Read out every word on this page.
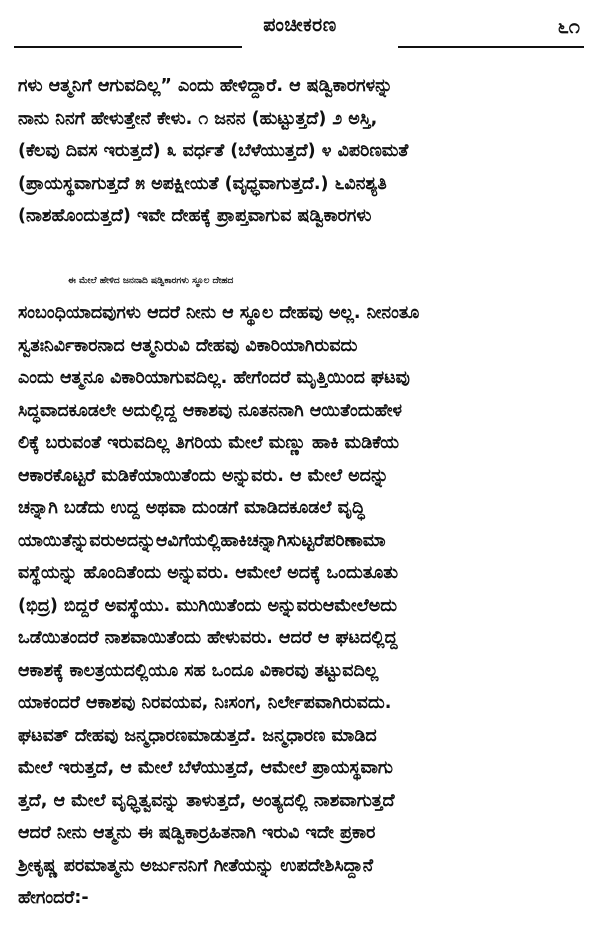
ಪಂಚೀಕರಣ	೬೧

ಗಳು ಆತ್ಮನಿಗೆ ಆಗುವದಿಲ್ಲ” ಎಂದು ಹೇಳಿದ್ದಾರೆ. ಆ ಷಡ್ವಿಕಾರಗಳನ್ನು

ನಾನು ನಿನಗೆ ಹೇಳುತ್ತೇನೆ ಕೇಳು. ೧ ಜನನ (ಹುಟ್ಟುತ್ತದೆ) ೨ ಅಸ್ತಿ,

(ಕೆಲವು ದಿವಸ ಇರುತ್ತದೆ) ೩ ವರ್ಧತೆ (ಬೆಳೆಯುತ್ತದೆ) ೪ ವಿಪರಿಣಮತೆ

(ಪ್ರಾಯಸ್ಥವಾಗುತ್ತದೆ ೫ ಅಪಕ್ಷೀಯತೆ (ವೃಧ್ಧವಾಗುತ್ತದೆ.) ೬ವಿನಶ್ಯತಿ

(ನಾಶಹೊಂದುತ್ತದೆ) ಇವೇ ದೇಹಕ್ಕೆ ಪ್ರಾಪ್ತವಾಗುವ ಷಡ್ವಿಕಾರಗಳು

ಈ ಮೇಲೆ ಹೇಳಿದ ಜನನಾದಿ ಷಡ್ವಿಕಾರಗಳು ಸ್ಥೂಲ ದೇಹದ

ಸಂಬಂಧಿಯಾದವುಗಳು ಆದರೆ ನೀನು ಆ ಸ್ಥೂಲ ದೇಹವು ಅಲ್ಲ. ನೀನಂತೂ

ಸ್ವತಃನಿರ್ವಿಕಾರನಾದ ಆತ್ಮನಿರುವಿ ದೇಹವು ವಿಕಾರಿಯಾಗಿರುವದು

ಎಂದು ಆತ್ಮನೂ ವಿಕಾರಿಯಾಗುವದಿಲ್ಲ. ಹೇಗೆಂದರೆ ಮೃತ್ತಿಯಿಂದ ಘಟವು

ಸಿದ್ಧವಾದಕೂಡಲೇ ಅದುಲ್ಲಿದ್ದ ಆಕಾಶವು ನೂತನನಾಗಿ ಆಯಿತೆಂದುಹೇಳ

ಲಿಕ್ಕೆ ಬರುವಂತೆ ಇರುವದಿಲ್ಲ ತಿಗರಿಯ ಮೇಲೆ ಮಣ್ಣು ಹಾಕಿ ಮಡಿಕೆಯ

ಆಕಾರಕೊಟ್ಟರೆ ಮಡಿಕೆಯಾಯಿತೆಂದು ಅನ್ನುವರು. ಆ ಮೇಲೆ ಅದನ್ನು

ಚನ್ನಾಗಿ ಬಡೆದು ಉದ್ದ ಅಥವಾ ದುಂಡಗೆ ಮಾಡಿದಕೂಡಲೆ ವೃದ್ಧಿ

ಯಾಯಿತೆನ್ನುವರುಅದನ್ನುಆವಿಗೆಯಲ್ಲಿಹಾಕಿಚನ್ನಾಗಿಸುಟ್ಟರೆಪರಿಣಾಮಾ

ವಸ್ಥೆಯನ್ನು ಹೊಂದಿತೆಂದು ಅನ್ನುವರು. ಆಮೇಲೆ ಅದಕ್ಕೆ ಒಂದುತೂತು

(ಭಿದ್ರ) ಬಿದ್ದರೆ ಅವಸ್ಥೆಯು. ಮುಗಿಯಿತೆಂದು ಅನ್ನುವರುಆಮೇಲೆಅದು

ಒಡೆಯಿತಂದರೆ ನಾಶವಾಯಿತೆಂದು ಹೇಳುವರು. ಆದರೆ ಆ ಘಟದಲ್ಲಿದ್ದ

ಆಕಾಶಕ್ಕೆ ಕಾಲತ್ರಯದಲ್ಲಿಯೂ ಸಹ ಒಂದೂ ವಿಕಾರವು ತಟ್ಟುವದಿಲ್ಲ

ಯಾಕಂದರೆ ಆಕಾಶವು ನಿರವಯವ, ನಿಃಸಂಗ, ನಿರ್ಲೇಪವಾಗಿರುವದು.

ಘಟವತ್ ದೇಹವು ಜನ್ಮಧಾರಣಮಾಡುತ್ತದೆ. ಜನ್ಮಧಾರಣ ಮಾಡಿದ

ಮೇಲೆ ಇರುತ್ತದೆ, ಆ ಮೇಲೆ ಬೆಳೆಯುತ್ತದೆ, ಆಮೇಲೆ ಪ್ರಾಯಸ್ಥವಾಗು

ತ್ತದೆ, ಆ ಮೇಲೆ ವೃಧ್ಧಿತ್ವವನ್ನು ತಾಳುತ್ತದೆ, ಅಂತ್ಯದಲ್ಲಿ ನಾಶವಾಗುತ್ತದೆ

ಆದರೆ ನೀನು ಆತ್ಮನು ಈ ಷಡ್ವಿಕಾರ್ರಹಿತನಾಗಿ ಇರುವಿ ಇದೇ ಪ್ರಕಾರ

ಶ್ರೀಕೃಷ್ಣ ಪರಮಾತ್ಮನು ಅರ್ಜುನನಿಗೆ ಗೀತೆಯನ್ನು ಉಪದೇಶಿಸಿದ್ದಾನೆ

ಹೇಗಂದರೆ:-
